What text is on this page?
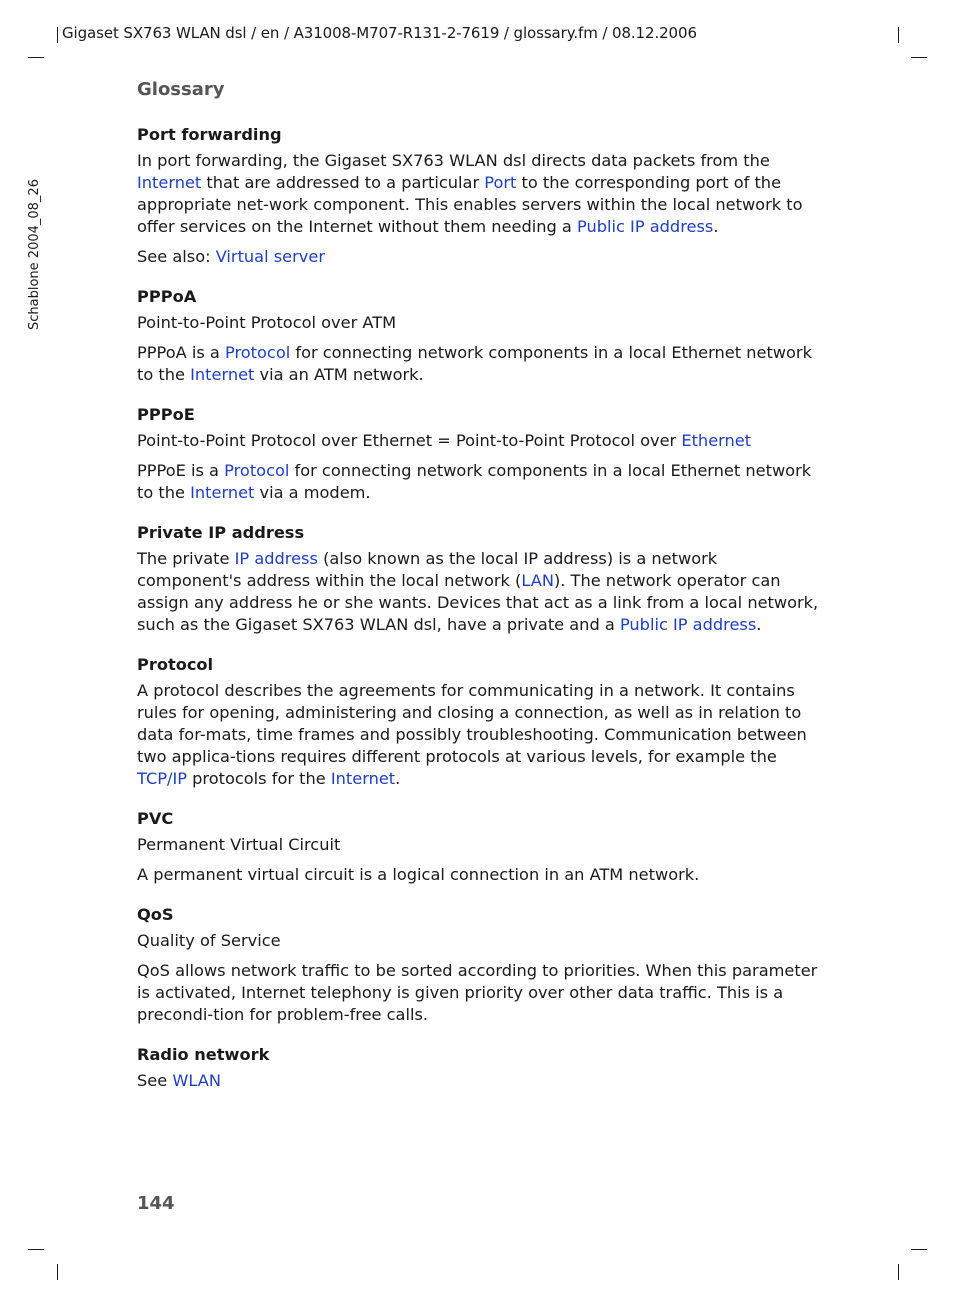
Gigaset SX763 WLAN dsl / en / A31008-M707-R131-2-7619 / glossary.fm / 08.12.2006
Schablone 2004_08_26
Glossary
Port forwarding
In port forwarding, the Gigaset SX763 WLAN dsl directs data packets from the Internet that are addressed to a particular Port to the corresponding port of the appropriate net-work component. This enables servers within the local network to offer services on the Internet without them needing a Public IP address.
See also: Virtual server
PPPoA
Point-to-Point Protocol over ATM
PPPoA is a Protocol for connecting network components in a local Ethernet network to the Internet via an ATM network.
PPPoE
Point-to-Point Protocol over Ethernet = Point-to-Point Protocol over Ethernet
PPPoE is a Protocol for connecting network components in a local Ethernet network to the Internet via a modem.
Private IP address
The private IP address (also known as the local IP address) is a network component's address within the local network (LAN). The network operator can assign any address he or she wants. Devices that act as a link from a local network, such as the Gigaset SX763 WLAN dsl, have a private and a Public IP address.
Protocol
A protocol describes the agreements for communicating in a network. It contains rules for opening, administering and closing a connection, as well as in relation to data for-mats, time frames and possibly troubleshooting. Communication between two applica-tions requires different protocols at various levels, for example the TCP/IP protocols for the Internet.
PVC
Permanent Virtual Circuit
A permanent virtual circuit is a logical connection in an ATM network.
QoS
Quality of Service
QoS allows network traffic to be sorted according to priorities. When this parameter is activated, Internet telephony is given priority over other data traffic. This is a precondi-tion for problem-free calls.
Radio network
See WLAN
144
